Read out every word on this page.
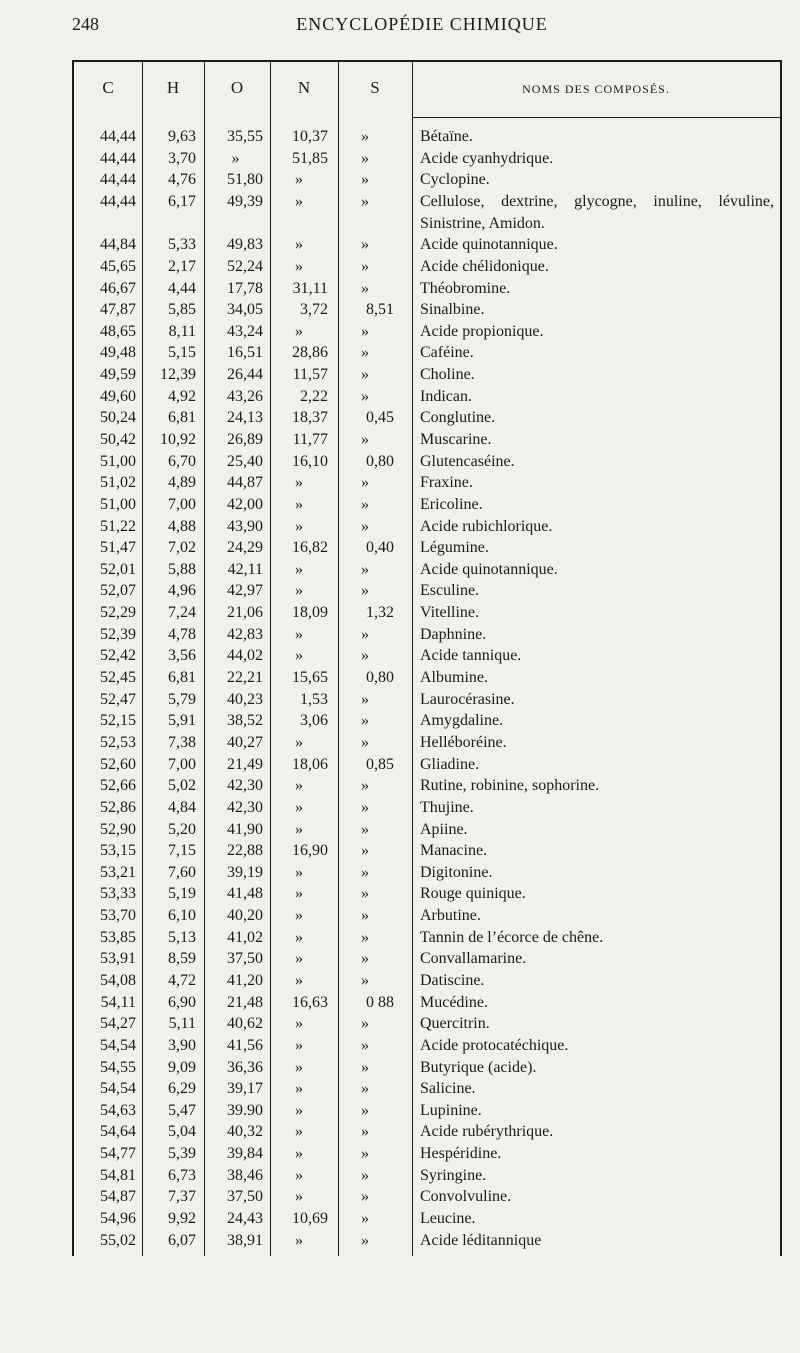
248	ENCYCLOPÉDIE CHIMIQUE
C	H	O	N	S	NOMS DES COMPOSÉS.
44,44	9,63	35,55	10,37	»	Bétaïne.
44,44	3,70	»	51,85	»	Acide cyanhydrique.
44,44	4,76	51,80	»	»	Cyclopine.
44,44	6,17	49,39	»	»	Cellulose, dextrine, glycogne, inuline, lévuline, Sinistrine, Amidon.
44,84	5,33	49,83	»	»	Acide quinotannique.
45,65	2,17	52,24	»	»	Acide chélidonique.
46,67	4,44	17,78	31,11	»	Théobromine.
47,87	5,85	34,05	3,72	8,51 Sinalbine.
48,65	8,11	43,24	»	»	Acide propionique.
49,48	5,15	16,51	28,86	»	Caféine.
49,59	12,39	26,44	11,57	»	Choline.
49,60	4,92	43,26	2,22	»	Indican.
50,24	6,81	24,13	18,37	0,45 Conglutine.
50,42	10,92	26,89	11,77	»	Muscarine.
51,00	6,70	25,40	16,10	0,80 Glutencaséine.
51,02	4,89	44,87	»	»	Fraxine.
51,00	7,00	42,00	»	»	Ericoline.
51,22	4,88	43,90	»	»	Acide rubichlorique.
51,47	7,02	24,29	16,82	0,40 Légumine.
52,01	5,88	42,11	»	»	Acide quinotannique.
52,07	4,96	42,97	»	»	Esculine.
52,29	7,24	21,06	18,09	1,32 Vitelline.
52,39	4,78	42,83	»	»	Daphnine.
52,42	3,56	44,02	»	»	Acide tannique.
52,45	6,81	22,21	15,65	0,80 Albumine.
52,47	5,79	40,23	1,53	»	Laurocérasine.
52,15	5,91	38,52	3,06	»	Amygdaline.
52,53	7,38	40,27	»	»	Helléboréine.
52,60	7,00	21,49	18,06	0,85 Gliadine.
52,66	5,02	42,30	»	»	Rutine, robinine, sophorine.
52,86	4,84	42,30	»	»	Thujine.
52,90	5,20	41,90	»	»	Apiine.
53,15	7,15	22,88	16,90	»	Manacine.
53,21	7,60	39,19	»	»	Digitonine.
53,33	5,19	41,48	»	»	Rouge quinique.
53,70	6,10	40,20	»	»	Arbutine.
53,85	5,13	41,02	»	»	Tannin de l’écorce de chêne.
53,91	8,59	37,50	»	»	Convallamarine.
54,08	4,72	41,20	»	»	Datiscine.
54,11	6,90	21,48	16,63	0 88 Mucédine.
54,27	5,11	40,62	»	»	Quercitrin.
54,54	3,90	41,56	»	»	Acide protocatéchique.
54,55	9,09	36,36	»	»	Butyrique (acide).
54,54	6,29	39,17	»	»	Salicine.
54,63	5,47	39.90	»	»	Lupinine.
54,64	5,04	40,32	»	»	Acide rubérythrique.
54,77	5,39	39,84	»	»	Hespéridine.
54,81	6,73	38,46	»	»	Syringine.
54,87	7,37	37,50	»	»	Convolvuline.
54,96	9,92	24,43	10,69	»	Leucine.
55,02	6,07	38,91	»	»	Acide léditannique
